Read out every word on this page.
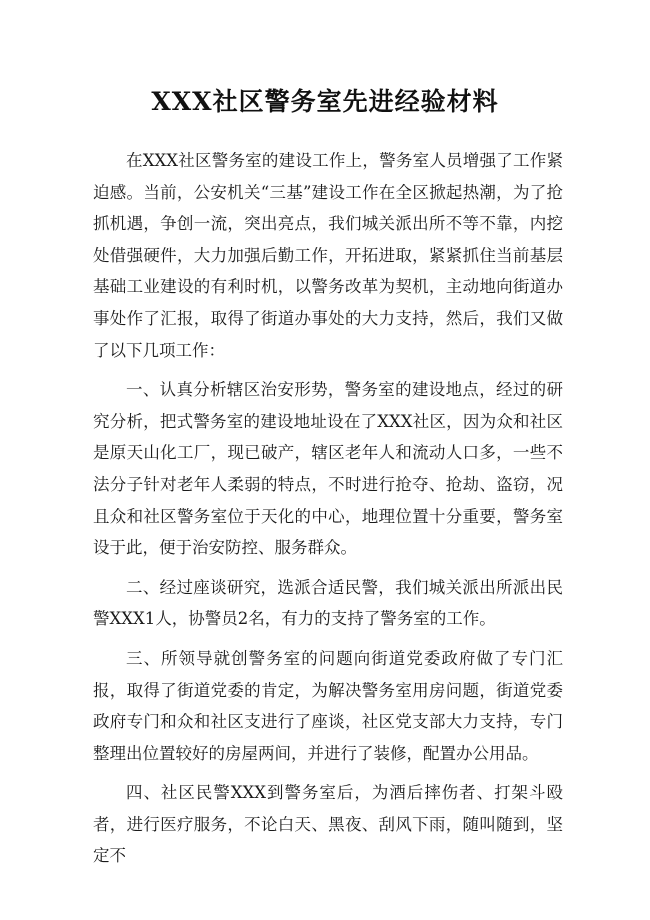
XXX社区警务室先进经验材料

在XXX社区警务室的建设工作上，警务室人员增强了工作紧迫感。当前，公安机关“三基”建设工作在全区掀起热潮，为了抢抓机遇，争创一流，突出亮点，我们城关派出所不等不靠，内挖处借强硬件，大力加强后勤工作，开拓进取，紧紧抓住当前基层基础工业建设的有利时机，以警务改革为契机，主动地向街道办事处作了汇报，取得了街道办事处的大力支持，然后，我们又做了以下几项工作：

一、认真分析辖区治安形势，警务室的建设地点，经过的研究分析，把式警务室的建设地址设在了XXX社区，因为众和社区是原天山化工厂，现已破产，辖区老年人和流动人口多，一些不法分子针对老年人柔弱的特点，不时进行抢夺、抢劫、盗窃，况且众和社区警务室位于天化的中心，地理位置十分重要，警务室设于此，便于治安防控、服务群众。

二、经过座谈研究，选派合适民警，我们城关派出所派出民警XXX1人，协警员2名，有力的支持了警务室的工作。

三、所领导就创警务室的问题向街道党委政府做了专门汇报，取得了街道党委的肯定，为解决警务室用房问题，街道党委政府专门和众和社区支进行了座谈，社区党支部大力支持，专门整理出位置较好的房屋两间，并进行了装修，配置办公用品。

四、社区民警XXX到警务室后，为酒后摔伤者、打架斗殴者，进行医疗服务，不论白天、黑夜、刮风下雨，随叫随到，坚定不
